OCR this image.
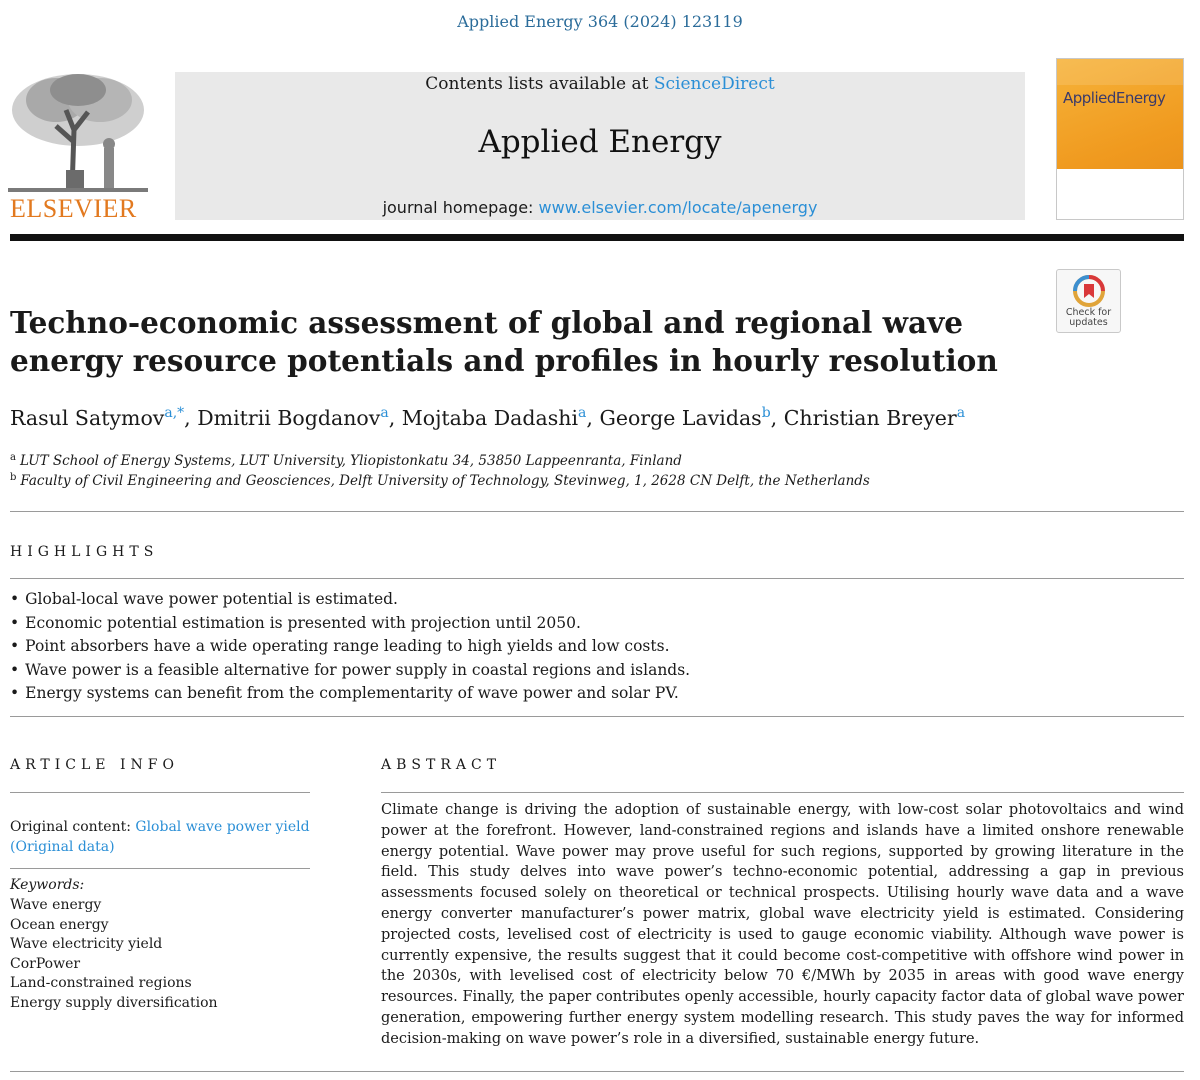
Applied Energy 364 (2024) 123119
ELSEVIER
Contents lists available at ScienceDirect
Applied Energy
journal homepage: www.elsevier.com/locate/apenergy
AppliedEnergy
Check for updates
Techno-economic assessment of global and regional wave energy resource potentials and profiles in hourly resolution
Rasul Satymov$^{a,*}$, Dmitrii Bogdanov$^a$, Mojtaba Dadashi$^a$, George Lavidas$^b$, Christian Breyer$^a$
$^a$ LUT School of Energy Systems, LUT University, Yliopistonkatu 34, 53850 Lappeenranta, Finland
$^b$ Faculty of Civil Engineering and Geosciences, Delft University of Technology, Stevinweg, 1, 2628 CN Delft, the Netherlands
HIGHLIGHTS
• Global-local wave power potential is estimated.
• Economic potential estimation is presented with projection until 2050.
• Point absorbers have a wide operating range leading to high yields and low costs.
• Wave power is a feasible alternative for power supply in coastal regions and islands.
• Energy systems can benefit from the complementarity of wave power and solar PV.
ARTICLE INFO	ABSTRACT
Original content: Global wave power yield
(Original data)
Keywords:
Wave energy
Ocean energy
Wave electricity yield
CorPower
Land-constrained regions
Energy supply diversification

Climate change is driving the adoption of sustainable energy, with low-cost solar photovoltaics and wind power at the forefront. However, land-constrained regions and islands have a limited onshore renewable energy potential. Wave power may prove useful for such regions, supported by growing literature in the field. This study delves into wave power’s techno-economic potential, addressing a gap in previous assessments focused solely on theoretical or technical prospects. Utilising hourly wave data and a wave energy converter manufacturer’s power matrix, global wave electricity yield is estimated. Considering projected costs, levelised cost of electricity is used to gauge economic viability. Although wave power is currently expensive, the results suggest that it could become cost-competitive with offshore wind power in the 2030s, with levelised cost of electricity below 70 €/MWh by 2035 in areas with good wave energy resources. Finally, the paper contributes openly accessible, hourly capacity factor data of global wave power generation, empowering further energy system modelling research. This study paves the way for informed decision-making on wave power’s role in a diversified, sustainable energy future.
